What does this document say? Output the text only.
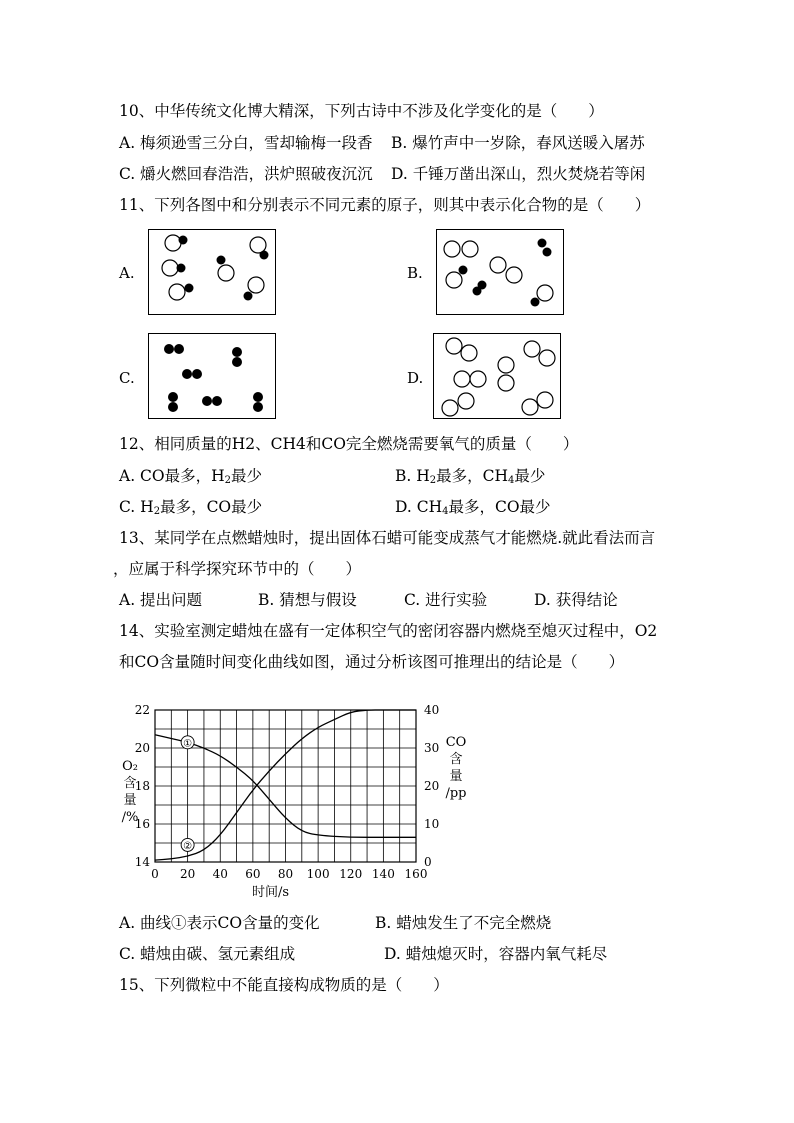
10、中华传统文化博大精深，下列古诗中不涉及化学变化的是（　　）
A. 梅须逊雪三分白，雪却输梅一段香 B. 爆竹声中一岁除，春风送暖入屠苏
C. 爝火燃回春浩浩，洪炉照破夜沉沉 D. 千锤万凿出深山，烈火焚烧若等闲
11、下列各图中和分别表示不同元素的原子，则其中表示化合物的是（　　）
A.	B.
C.	D.
12、相同质量的H2、CH4和CO完全燃烧需要氧气的质量（　　）
A. CO最多，$H_2$最少	B. $H_2$最多，$CH_4$最少
C. $H_2$最多，CO最少	D. $CH_4$最多，CO最少
13、某同学在点燃蜡烛时，提出固体石蜡可能变成蒸气才能燃烧.就此看法而言
，应属于科学探究环节中的（　　）
A. 提出问题	B. 猜想与假设	C. 进行实验	D. 获得结论
14、实验室测定蜡烛在盛有一定体积空气的密闭容器内燃烧至熄灭过程中，O2
和CO含量随时间变化曲线如图，通过分析该图可推理出的结论是（　　）
0 20 40 60 80 100 120 140 160
14
16
18
20
22
0
10
20
30
40
①
②
时间/s
O₂
含
量
/%
CO
含
量
/pp
A. 曲线①表示CO含量的变化	B. 蜡烛发生了不完全燃烧
C. 蜡烛由碳、氢元素组成	D. 蜡烛熄灭时，容器内氧气耗尽
15、下列微粒中不能直接构成物质的是（　　）
